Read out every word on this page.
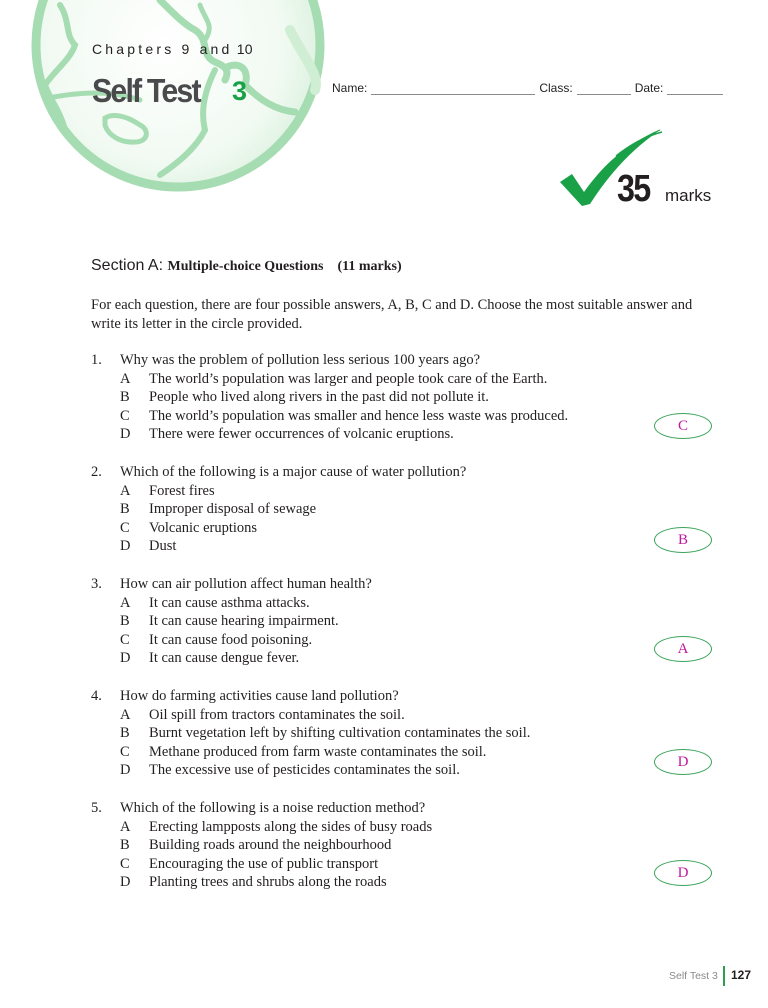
Chapters 9 and 10
Self Test 3	Name:	Class:	Date:
35 marks
Section A: Multiple-choice Questions (11 marks)
For each question, there are four possible answers, A, B, C and D. Choose the most suitable answer and write its letter in the circle provided.
1.	Why was the problem of pollution less serious 100 years ago?
A	The world’s population was larger and people took care of the Earth.
B	People who lived along rivers in the past did not pollute it.
C	The world’s population was smaller and hence less waste was produced.
D	There were fewer occurrences of volcanic eruptions.
C
2.	Which of the following is a major cause of water pollution?
A	Forest fires
B	Improper disposal of sewage
C	Volcanic eruptions
D	Dust	B
3.	How can air pollution affect human health?
A	It can cause asthma attacks.
B	It can cause hearing impairment.
C	It can cause food poisoning.
D	It can cause dengue fever.
A
4.	How do farming activities cause land pollution?
A	Oil spill from tractors contaminates the soil.
B	Burnt vegetation left by shifting cultivation contaminates the soil.
C	Methane produced from farm waste contaminates the soil.
D	The excessive use of pesticides contaminates the soil.
D
5.	Which of the following is a noise reduction method?
A	Erecting lampposts along the sides of busy roads
B	Building roads around the neighbourhood
C	Encouraging the use of public transport
D	Planting trees and shrubs along the roads
D
Self Test 3 127
